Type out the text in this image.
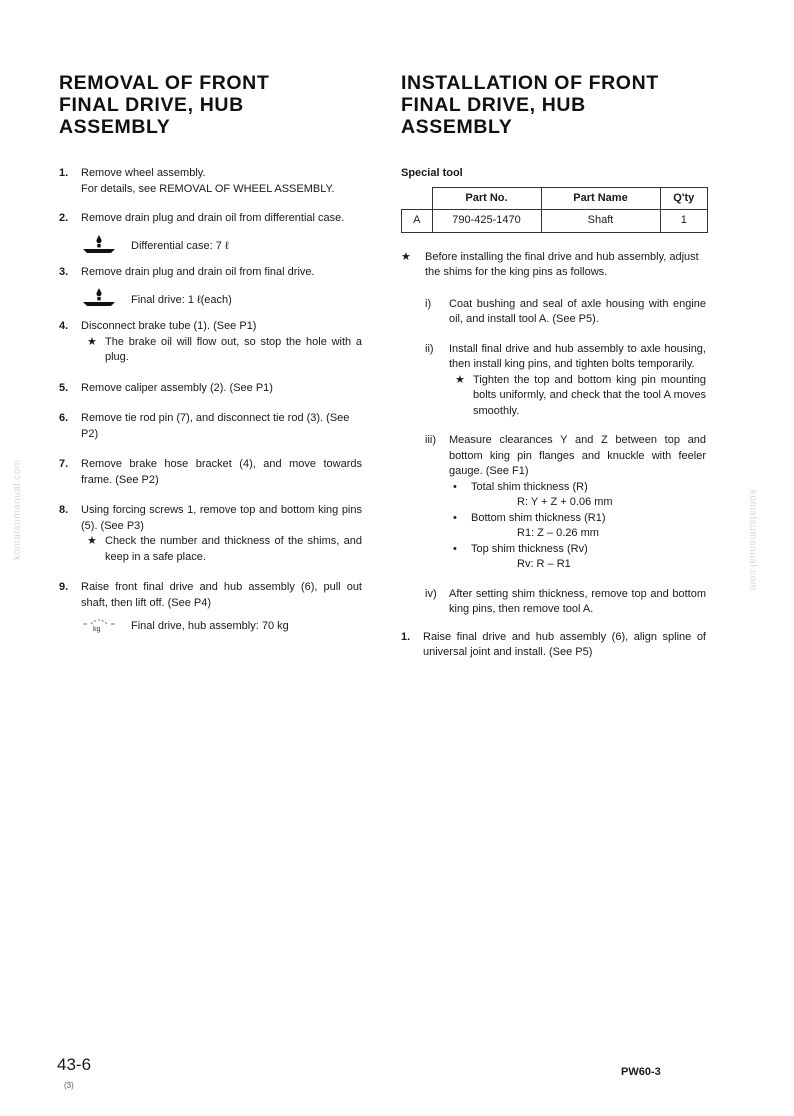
komatsumanual.com	komatsumanual.com
REMOVAL OF FRONT
FINAL DRIVE, HUB
ASSEMBLY
1. Remove wheel assembly.
For details, see REMOVAL OF WHEEL ASSEMBLY.
2. Remove drain plug and drain oil from differential case.
Differential case: 7 ℓ
3. Remove drain plug and drain oil from final drive.
Final drive: 1 ℓ(each)
4. Disconnect brake tube (1). (See P1)
★ The brake oil will flow out, so stop the hole with a plug.
5. Remove caliper assembly (2). (See P1)
6. Remove tie rod pin (7), and disconnect tie rod (3). (See P2)
7. Remove brake hose bracket (4), and move towards frame. (See P2)
8. Using forcing screws 1, remove top and bottom king pins (5). (See P3)
★ Check the number and thickness of the shims, and keep in a safe place.
9. Raise front final drive and hub assembly (6), pull out shaft, then lift off. (See P4)
kg	Final drive, hub assembly: 70 kg
INSTALLATION OF FRONT
FINAL DRIVE, HUB
ASSEMBLY
Special tool
	Part No.	Part Name	Q'ty
A	790-425-1470	Shaft	1
★ Before installing the final drive and hub assembly, adjust the shims for the king pins as follows.
i) Coat bushing and seal of axle housing with engine oil, and install tool A. (See P5).
ii) Install final drive and hub assembly to axle housing, then install king pins, and tighten bolts temporarily.
★ Tighten the top and bottom king pin mounting bolts uniformly, and check that the tool A moves smoothly.
iii) Measure clearances Y and Z between top and bottom king pin flanges and knuckle with feeler gauge. (See F1)
• Total shim thickness (R)
R: Y + Z + 0.06 mm
• Bottom shim thickness (R1)
R1: Z – 0.26 mm
• Top shim thickness (Rv)
Rv: R – R1
iv) After setting shim thickness, remove top and bottom king pins, then remove tool A.
1. Raise final drive and hub assembly (6), align spline of universal joint and install. (See P5)
43-6
(3)
PW60-3
